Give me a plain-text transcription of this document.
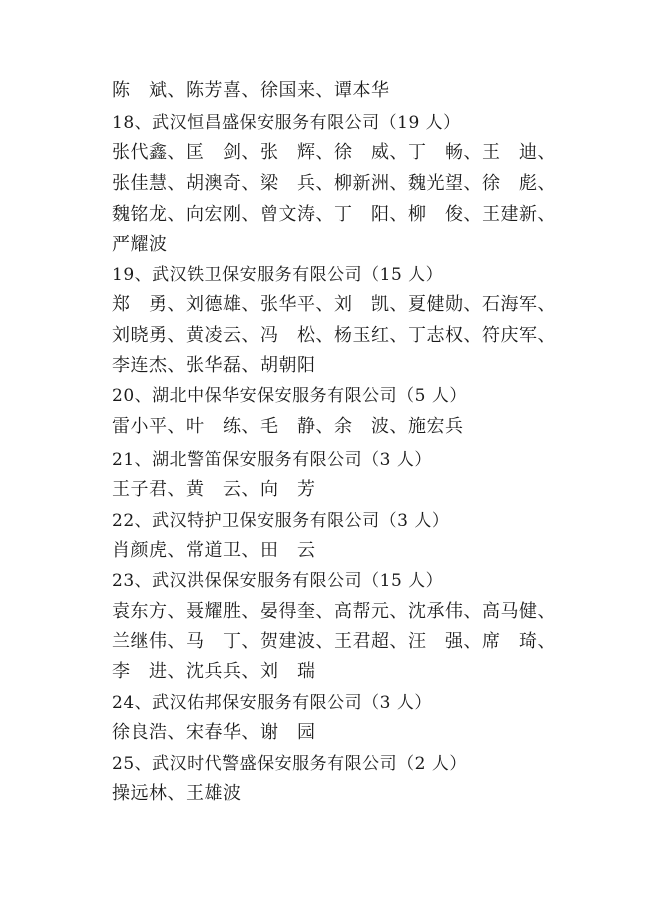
陈　斌、陈芳喜、徐国来、谭本华
18、武汉恒昌盛保安服务有限公司（19 人）
张代鑫、匡　剑、张　辉、徐　威、丁　畅、王　迪、
张佳慧、胡澳奇、梁　兵、柳新洲、魏光望、徐　彪、
魏铭龙、向宏刚、曾文涛、丁　阳、柳　俊、王建新、
严耀波
19、武汉铁卫保安服务有限公司（15 人）
郑　勇、刘德雄、张华平、刘　凯、夏健勋、石海军、
刘晓勇、黄凌云、冯　松、杨玉红、丁志权、符庆军、
李连杰、张华磊、胡朝阳
20、湖北中保华安保安服务有限公司（5 人）
雷小平、叶　练、毛　静、余　波、施宏兵
21、湖北警笛保安服务有限公司（3 人）
王子君、黄　云、向　芳
22、武汉特护卫保安服务有限公司（3 人）
肖颜虎、常道卫、田　云
23、武汉洪保保安服务有限公司（15 人）
袁东方、聂耀胜、晏得奎、高帮元、沈承伟、高马健、
兰继伟、马　丁、贺建波、王君超、汪　强、席　琦、
李　进、沈兵兵、刘　瑞
24、武汉佑邦保安服务有限公司（3 人）
徐良浩、宋春华、谢　园
25、武汉时代警盛保安服务有限公司（2 人）
操远林、王雄波
